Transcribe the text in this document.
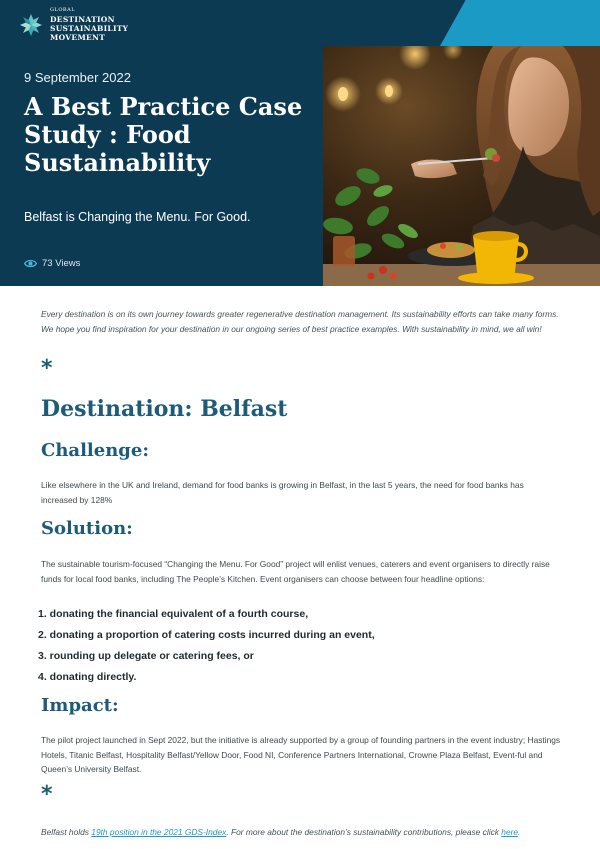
GLOBAL
DESTINATION
SUSTAINABILITY
MOVEMENT
9 September 2022
A Best Practice Case Study : Food Sustainability
Belfast is Changing the Menu. For Good.
73 Views

Every destination is on its own journey towards greater regenerative destination management. Its sustainability efforts can take many forms. We hope you find inspiration for your destination in our ongoing series of best practice examples. With sustainability in mind, we all win!

*
Destination: Belfast
Challenge:

Like elsewhere in the UK and Ireland, demand for food banks is growing in Belfast, in the last 5 years, the need for food banks has increased by 128%

Solution:

The sustainable tourism-focused “Changing the Menu. For Good” project will enlist venues, caterers and event organisers to directly raise funds for local food banks, including The People’s Kitchen. Event organisers can choose between four headline options:

1. donating the financial equivalent of a fourth course,
2. donating a proportion of catering costs incurred during an event,
3. rounding up delegate or catering fees, or
4. donating directly.
Impact:

The pilot project launched in Sept 2022, but the initiative is already supported by a group of founding partners in the event industry; Hastings Hotels, Titanic Belfast, Hospitality Belfast/Yellow Door, Food NI, Conference Partners International, Crowne Plaza Belfast, Event-ful and Queen’s University Belfast.

*

Belfast holds 19th position in the 2021 GDS-Index. For more about the destination’s sustainability contributions, please click here.
